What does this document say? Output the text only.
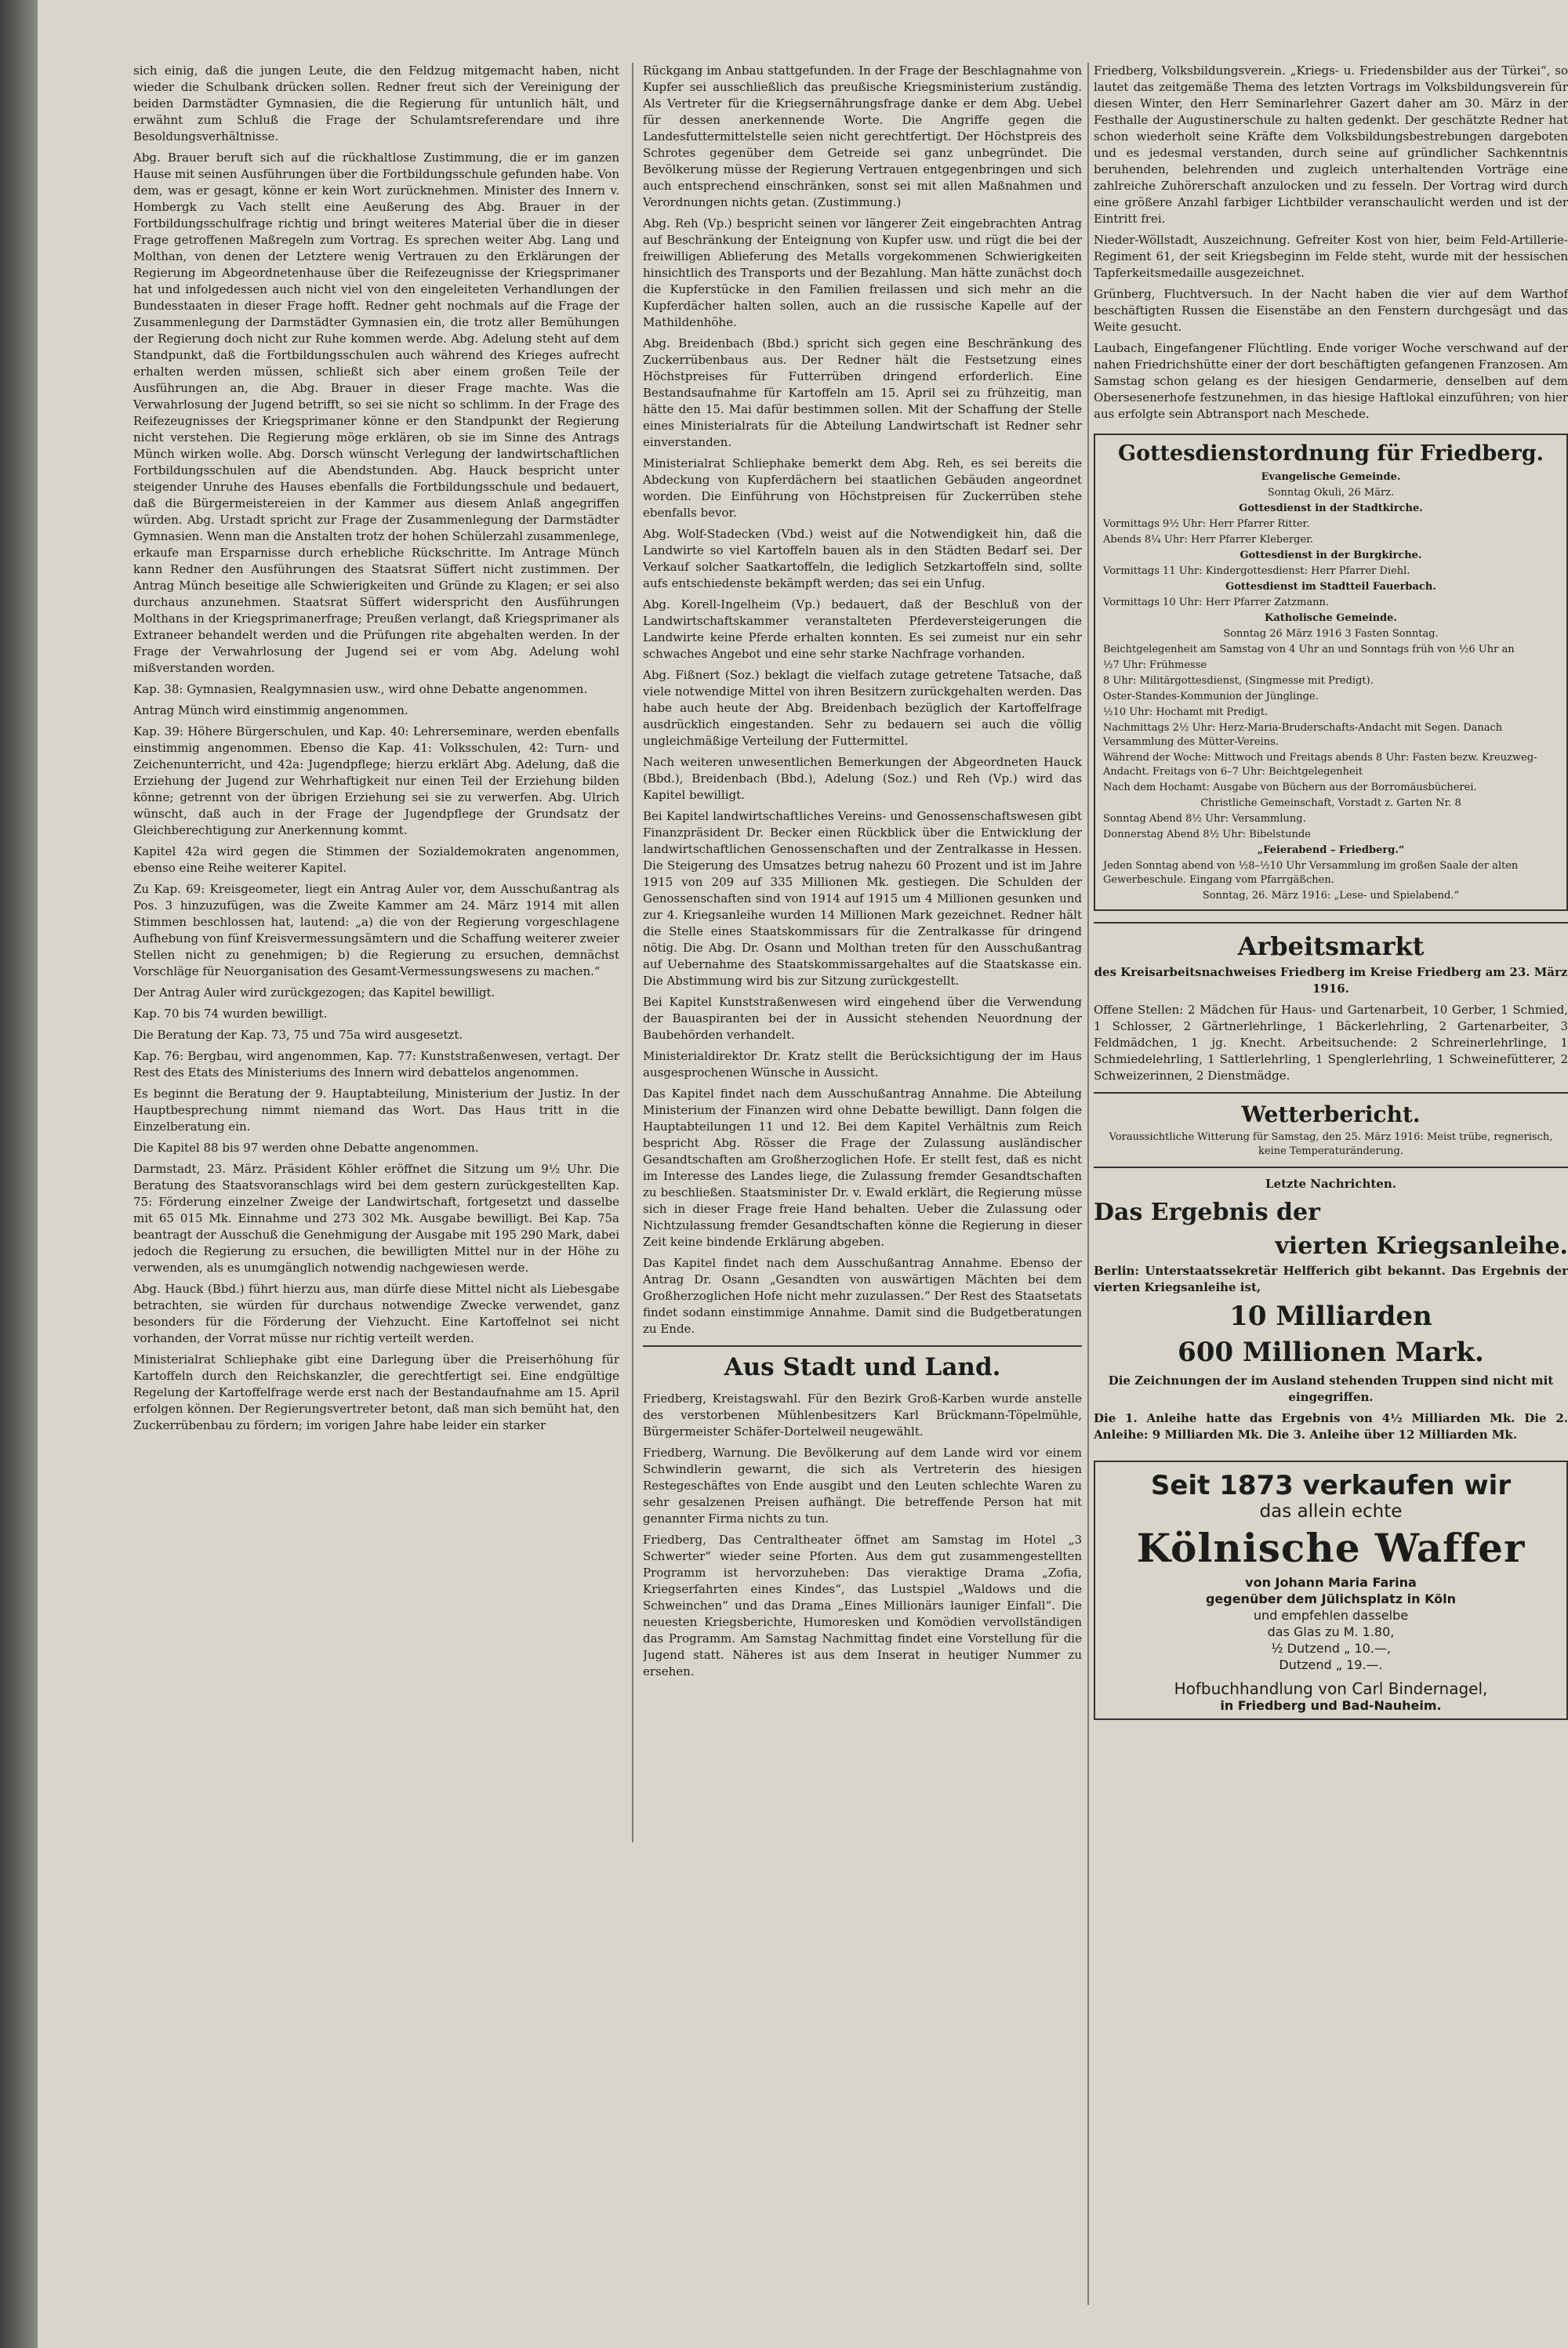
sich einig, daß die jungen Leute, die den Feldzug mitgemacht haben, nicht wieder die Schulbank drücken sollen. Redner freut sich der Vereinigung der beiden Darmstädter Gymnasien, die die Regierung für untunlich hält, und erwähnt zum Schluß die Frage der Schulamtsreferendare und ihre Besoldungsverhältnisse.

Abg. Brauer beruft sich auf die rückhaltlose Zustimmung, die er im ganzen Hause mit seinen Ausführungen über die Fortbildungsschule gefunden habe. Von dem, was er gesagt, könne er kein Wort zurücknehmen. Minister des Innern v. Hombergk zu Vach stellt eine Aeußerung des Abg. Brauer in der Fortbildungsschulfrage richtig und bringt weiteres Material über die in dieser Frage getroffenen Maßregeln zum Vortrag. Es sprechen weiter Abg. Lang und Molthan, von denen der Letztere wenig Vertrauen zu den Erklärungen der Regierung im Abgeordnetenhause über die Reifezeugnisse der Kriegsprimaner hat und infolgedessen auch nicht viel von den eingeleiteten Verhandlungen der Bundesstaaten in dieser Frage hofft. Redner geht nochmals auf die Frage der Zusammenlegung der Darmstädter Gymnasien ein, die trotz aller Bemühungen der Regierung doch nicht zur Ruhe kommen werde. Abg. Adelung steht auf dem Standpunkt, daß die Fortbildungsschulen auch während des Krieges aufrecht erhalten werden müssen, schließt sich aber einem großen Teile der Ausführungen an, die Abg. Brauer in dieser Frage machte. Was die Verwahrlosung der Jugend betrifft, so sei sie nicht so schlimm. In der Frage des Reifezeugnisses der Kriegsprimaner könne er den Standpunkt der Regierung nicht verstehen. Die Regierung möge erklären, ob sie im Sinne des Antrags Münch wirken wolle. Abg. Dorsch wünscht Verlegung der landwirtschaftlichen Fortbildungsschulen auf die Abendstunden. Abg. Hauck bespricht unter steigender Unruhe des Hauses ebenfalls die Fortbildungsschule und bedauert, daß die Bürgermeistereien in der Kammer aus diesem Anlaß angegriffen würden. Abg. Urstadt spricht zur Frage der Zusammenlegung der Darmstädter Gymnasien. Wenn man die Anstalten trotz der hohen Schülerzahl zusammenlege, erkaufe man Ersparnisse durch erhebliche Rückschritte. Im Antrage Münch kann Redner den Ausführungen des Staatsrat Süffert nicht zustimmen. Der Antrag Münch beseitige alle Schwierigkeiten und Gründe zu Klagen; er sei also durchaus anzunehmen. Staatsrat Süffert widerspricht den Ausführungen Molthans in der Kriegsprimanerfrage; Preußen verlangt, daß Kriegsprimaner als Extraneer behandelt werden und die Prüfungen rite abgehalten werden. In der Frage der Verwahrlosung der Jugend sei er vom Abg. Adelung wohl mißverstanden worden.

Kap. 38: Gymnasien, Realgymnasien usw., wird ohne Debatte angenommen.

Antrag Münch wird einstimmig angenommen.

Kap. 39: Höhere Bürgerschulen, und Kap. 40: Lehrerseminare, werden ebenfalls einstimmig angenommen. Ebenso die Kap. 41: Volksschulen, 42: Turn- und Zeichenunterricht, und 42a: Jugendpflege; hierzu erklärt Abg. Adelung, daß die Erziehung der Jugend zur Wehrhaftigkeit nur einen Teil der Erziehung bilden könne; getrennt von der übrigen Erziehung sei sie zu verwerfen. Abg. Ulrich wünscht, daß auch in der Frage der Jugendpflege der Grundsatz der Gleichberechtigung zur Anerkennung kommt.

Kapitel 42a wird gegen die Stimmen der Sozialdemokraten angenommen, ebenso eine Reihe weiterer Kapitel.

Zu Kap. 69: Kreisgeometer, liegt ein Antrag Auler vor, dem Ausschußantrag als Pos. 3 hinzuzufügen, was die Zweite Kammer am 24. März 1914 mit allen Stimmen beschlossen hat, lautend: „a) die von der Regierung vorgeschlagene Aufhebung von fünf Kreisvermessungsämtern und die Schaffung weiterer zweier Stellen nicht zu genehmigen; b) die Regierung zu ersuchen, demnächst Vorschläge für Neuorganisation des Gesamt-Vermessungswesens zu machen.“

Der Antrag Auler wird zurückgezogen; das Kapitel bewilligt.

Kap. 70 bis 74 wurden bewilligt.

Die Beratung der Kap. 73, 75 und 75a wird ausgesetzt.

Kap. 76: Bergbau, wird angenommen, Kap. 77: Kunststraßenwesen, vertagt. Der Rest des Etats des Ministeriums des Innern wird debattelos angenommen.

Es beginnt die Beratung der 9. Hauptabteilung, Ministerium der Justiz. In der Hauptbesprechung nimmt niemand das Wort. Das Haus tritt in die Einzelberatung ein.

Die Kapitel 88 bis 97 werden ohne Debatte angenommen.

Darmstadt, 23. März. Präsident Köhler eröffnet die Sitzung um 9½ Uhr. Die Beratung des Staatsvoranschlags wird bei dem gestern zurückgestellten Kap. 75: Förderung einzelner Zweige der Landwirtschaft, fortgesetzt und dasselbe mit 65 015 Mk. Einnahme und 273 302 Mk. Ausgabe bewilligt. Bei Kap. 75a beantragt der Ausschuß die Genehmigung der Ausgabe mit 195 290 Mark, dabei jedoch die Regierung zu ersuchen, die bewilligten Mittel nur in der Höhe zu verwenden, als es unumgänglich notwendig nachgewiesen werde.

Abg. Hauck (Bbd.) führt hierzu aus, man dürfe diese Mittel nicht als Liebesgabe betrachten, sie würden für durchaus notwendige Zwecke verwendet, ganz besonders für die Förderung der Viehzucht. Eine Kartoffelnot sei nicht vorhanden, der Vorrat müsse nur richtig verteilt werden.

Ministerialrat Schliephake gibt eine Darlegung über die Preiserhöhung für Kartoffeln durch den Reichskanzler, die gerechtfertigt sei. Eine endgültige Regelung der Kartoffelfrage werde erst nach der Bestandaufnahme am 15. April erfolgen können. Der Regierungsvertreter betont, daß man sich bemüht hat, den Zuckerrübenbau zu fördern; im vorigen Jahre habe leider ein starker

Rückgang im Anbau stattgefunden. In der Frage der Beschlagnahme von Kupfer sei ausschließlich das preußische Kriegsministerium zuständig. Als Vertreter für die Kriegsernährungsfrage danke er dem Abg. Uebel für dessen anerkennende Worte. Die Angriffe gegen die Landesfuttermittelstelle seien nicht gerechtfertigt. Der Höchstpreis des Schrotes gegenüber dem Getreide sei ganz unbegründet. Die Bevölkerung müsse der Regierung Vertrauen entgegenbringen und sich auch entsprechend einschränken, sonst sei mit allen Maßnahmen und Verordnungen nichts getan. (Zustimmung.)

Abg. Reh (Vp.) bespricht seinen vor längerer Zeit eingebrachten Antrag auf Beschränkung der Enteignung von Kupfer usw. und rügt die bei der freiwilligen Ablieferung des Metalls vorgekommenen Schwierigkeiten hinsichtlich des Transports und der Bezahlung. Man hätte zunächst doch die Kupferstücke in den Familien freilassen und sich mehr an die Kupferdächer halten sollen, auch an die russische Kapelle auf der Mathildenhöhe.

Abg. Breidenbach (Bbd.) spricht sich gegen eine Beschränkung des Zuckerrübenbaus aus. Der Redner hält die Festsetzung eines Höchstpreises für Futterrüben dringend erforderlich. Eine Bestandsaufnahme für Kartoffeln am 15. April sei zu frühzeitig, man hätte den 15. Mai dafür bestimmen sollen. Mit der Schaffung der Stelle eines Ministerialrats für die Abteilung Landwirtschaft ist Redner sehr einverstanden.

Ministerialrat Schliephake bemerkt dem Abg. Reh, es sei bereits die Abdeckung von Kupferdächern bei staatlichen Gebäuden angeordnet worden. Die Einführung von Höchstpreisen für Zuckerrüben stehe ebenfalls bevor.

Abg. Wolf-Stadecken (Vbd.) weist auf die Notwendigkeit hin, daß die Landwirte so viel Kartoffeln bauen als in den Städten Bedarf sei. Der Verkauf solcher Saatkartoffeln, die lediglich Setzkartoffeln sind, sollte aufs entschiedenste bekämpft werden; das sei ein Unfug.

Abg. Korell-Ingelheim (Vp.) bedauert, daß der Beschluß von der Landwirtschaftskammer veranstalteten Pferdeversteigerungen die Landwirte keine Pferde erhalten konnten. Es sei zumeist nur ein sehr schwaches Angebot und eine sehr starke Nachfrage vorhanden.

Abg. Fißnert (Soz.) beklagt die vielfach zutage getretene Tatsache, daß viele notwendige Mittel von ihren Besitzern zurückgehalten werden. Das habe auch heute der Abg. Breidenbach bezüglich der Kartoffelfrage ausdrücklich eingestanden. Sehr zu bedauern sei auch die völlig ungleichmäßige Verteilung der Futtermittel.

Nach weiteren unwesentlichen Bemerkungen der Abgeordneten Hauck (Bbd.), Breidenbach (Bbd.), Adelung (Soz.) und Reh (Vp.) wird das Kapitel bewilligt.

Bei Kapitel landwirtschaftliches Vereins- und Genossenschaftswesen gibt Finanzpräsident Dr. Becker einen Rückblick über die Entwicklung der landwirtschaftlichen Genossenschaften und der Zentralkasse in Hessen. Die Steigerung des Umsatzes betrug nahezu 60 Prozent und ist im Jahre 1915 von 209 auf 335 Millionen Mk. gestiegen. Die Schulden der Genossenschaften sind von 1914 auf 1915 um 4 Millionen gesunken und zur 4. Kriegsanleihe wurden 14 Millionen Mark gezeichnet. Redner hält die Stelle eines Staatskommissars für die Zentralkasse für dringend nötig. Die Abg. Dr. Osann und Molthan treten für den Ausschußantrag auf Uebernahme des Staatskommissargehaltes auf die Staatskasse ein. Die Abstimmung wird bis zur Sitzung zurückgestellt.

Bei Kapitel Kunststraßenwesen wird eingehend über die Verwendung der Bauaspiranten bei der in Aussicht stehenden Neuordnung der Baubehörden verhandelt.

Ministerialdirektor Dr. Kratz stellt die Berücksichtigung der im Haus ausgesprochenen Wünsche in Aussicht.

Das Kapitel findet nach dem Ausschußantrag Annahme. Die Abteilung Ministerium der Finanzen wird ohne Debatte bewilligt. Dann folgen die Hauptabteilungen 11 und 12. Bei dem Kapitel Verhältnis zum Reich bespricht Abg. Rösser die Frage der Zulassung ausländischer Gesandtschaften am Großherzoglichen Hofe. Er stellt fest, daß es nicht im Interesse des Landes liege, die Zulassung fremder Gesandtschaften zu beschließen. Staatsminister Dr. v. Ewald erklärt, die Regierung müsse sich in dieser Frage freie Hand behalten. Ueber die Zulassung oder Nichtzulassung fremder Gesandtschaften könne die Regierung in dieser Zeit keine bindende Erklärung abgeben.

Das Kapitel findet nach dem Ausschußantrag Annahme. Ebenso der Antrag Dr. Osann „Gesandten von auswärtigen Mächten bei dem Großherzoglichen Hofe nicht mehr zuzulassen.“ Der Rest des Staatsetats findet sodann einstimmige Annahme. Damit sind die Budgetberatungen zu Ende.

Aus Stadt und Land.

Friedberg, Kreistagswahl. Für den Bezirk Groß-Karben wurde anstelle des verstorbenen Mühlenbesitzers Karl Brückmann-Töpelmühle, Bürgermeister Schäfer-Dortelweil neugewählt.

Friedberg, Warnung. Die Bevölkerung auf dem Lande wird vor einem Schwindlerin gewarnt, die sich als Vertreterin des hiesigen Restegeschäftes von Ende ausgibt und den Leuten schlechte Waren zu sehr gesalzenen Preisen aufhängt. Die betreffende Person hat mit genannter Firma nichts zu tun.

Friedberg, Das Centraltheater öffnet am Samstag im Hotel „3 Schwerter“ wieder seine Pforten. Aus dem gut zusammengestellten Programm ist hervorzuheben: Das vieraktige Drama „Zofia, Kriegserfahrten eines Kindes“, das Lustspiel „Waldows und die Schweinchen“ und das Drama „Eines Millionärs launiger Einfall“. Die neuesten Kriegsberichte, Humoresken und Komödien vervollständigen das Programm. Am Samstag Nachmittag findet eine Vorstellung für die Jugend statt. Näheres ist aus dem Inserat in heutiger Nummer zu ersehen.

Friedberg, Volksbildungsverein. „Kriegs- u. Friedensbilder aus der Türkei“, so lautet das zeitgemäße Thema des letzten Vortrags im Volksbildungsverein für diesen Winter, den Herr Seminarlehrer Gazert daher am 30. März in der Festhalle der Augustinerschule zu halten gedenkt. Der geschätzte Redner hat schon wiederholt seine Kräfte dem Volksbildungsbestrebungen dargeboten und es jedesmal verstanden, durch seine auf gründlicher Sachkenntnis beruhenden, belehrenden und zugleich unterhaltenden Vorträge eine zahlreiche Zuhörerschaft anzulocken und zu fesseln. Der Vortrag wird durch eine größere Anzahl farbiger Lichtbilder veranschaulicht werden und ist der Eintritt frei.

Nieder-Wöllstadt, Auszeichnung. Gefreiter Kost von hier, beim Feld-Artillerie-Regiment 61, der seit Kriegsbeginn im Felde steht, wurde mit der hessischen Tapferkeitsmedaille ausgezeichnet.

Grünberg, Fluchtversuch. In der Nacht haben die vier auf dem Warthof beschäftigten Russen die Eisenstäbe an den Fenstern durchgesägt und das Weite gesucht.

Laubach, Eingefangener Flüchtling. Ende voriger Woche verschwand auf der nahen Friedrichshütte einer der dort beschäftigten gefangenen Franzosen. Am Samstag schon gelang es der hiesigen Gendarmerie, denselben auf dem Obersesenerhofe festzunehmen, in das hiesige Haftlokal einzuführen; von hier aus erfolgte sein Abtransport nach Meschede.

Gottesdienstordnung für Friedberg.

Evangelische Gemeinde.

Sonntag Okuli, 26 März.

Gottesdienst in der Stadtkirche.

Vormittags 9½ Uhr: Herr Pfarrer Ritter.

Abends 8¼ Uhr: Herr Pfarrer Kleberger.

Gottesdienst in der Burgkirche.

Vormittags 11 Uhr: Kindergottesdienst: Herr Pfarrer Diehl.

Gottesdienst im Stadtteil Fauerbach.

Vormittags 10 Uhr: Herr Pfarrer Zatzmann.

Katholische Gemeinde.

Sonntag 26 März 1916 3 Fasten Sonntag.

Beichtgelegenheit am Samstag von 4 Uhr an und Sonntags früh von ½6 Uhr an

½7 Uhr: Frühmesse

8 Uhr: Militärgottesdienst, (Singmesse mit Predigt).

Oster-Standes-Kommunion der Jünglinge.

½10 Uhr: Hochamt mit Predigt.

Nachmittags 2½ Uhr: Herz-Maria-Bruderschafts-Andacht mit Segen. Danach Versammlung des Mütter-Vereins.

Während der Woche: Mittwoch und Freitags abends 8 Uhr: Fasten bezw. Kreuzweg-Andacht. Freitags von 6–7 Uhr: Beichtgelegenheit

Nach dem Hochamt: Ausgabe von Büchern aus der Borromäusbücherei.

Christliche Gemeinschaft, Vorstadt z. Garten Nr. 8

Sonntag Abend 8½ Uhr: Versammlung.

Donnerstag Abend 8½ Uhr: Bibelstunde

„Feierabend – Friedberg.“

Jeden Sonntag abend von ½8–½10 Uhr Versammlung im großen Saale der alten Gewerbeschule. Eingang vom Pfarrgäßchen.

Sonntag, 26. März 1916: „Lese- und Spielabend.“

Arbeitsmarkt

des Kreisarbeitsnachweises Friedberg im Kreise Friedberg am 23. März 1916.

Offene Stellen: 2 Mädchen für Haus- und Gartenarbeit, 10 Gerber, 1 Schmied, 1 Schlosser, 2 Gärtnerlehrlinge, 1 Bäckerlehrling, 2 Gartenarbeiter, 3 Feldmädchen, 1 jg. Knecht. Arbeitsuchende: 2 Schreinerlehrlinge, 1 Schmiedelehrling, 1 Sattlerlehrling, 1 Spenglerlehrling, 1 Schweinefütterer, 2 Schweizerinnen, 2 Dienstmädge.

Wetterbericht.

Voraussichtliche Witterung für Samstag, den 25. März 1916: Meist trübe, regnerisch, keine Temperaturänderung.

Letzte Nachrichten.

Das Ergebnis der
vierten Kriegsanleihe.

Berlin: Unterstaatssekretär Helfferich gibt bekannt. Das Ergebnis der vierten Kriegsanleihe ist,

10 Milliarden
600 Millionen Mark.

Die Zeichnungen der im Ausland stehenden Truppen sind nicht mit eingegriffen.

Die 1. Anleihe hatte das Ergebnis von 4½ Milliarden Mk. Die 2. Anleihe: 9 Milliarden Mk. Die 3. Anleihe über 12 Milliarden Mk.

Seit 1873 verkaufen wir
das allein echte
Kölnische Waffer

von Johann Maria Farina

gegenüber dem Jülichsplatz in Köln

und empfehlen dasselbe

das Glas zu M. 1.80,

½ Dutzend „ 10.—,

Dutzend „ 19.—.

Hofbuchhandlung von Carl Bindernagel,

in Friedberg und Bad-Nauheim.
